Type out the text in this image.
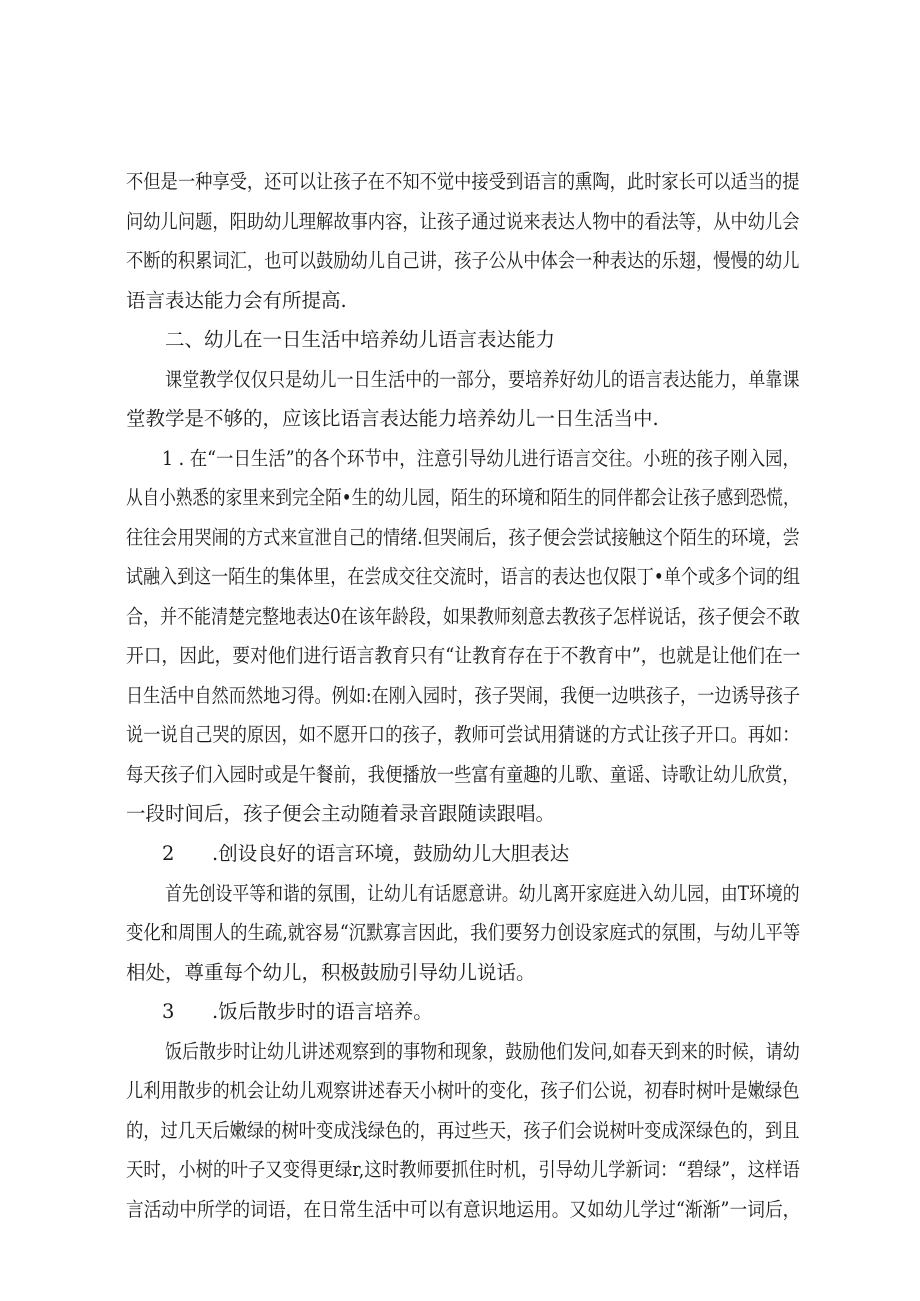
不但是一种享受，还可以让孩子在不知不觉中接受到语言的熏陶，此时家长可以适当的提
问幼儿问题，阳助幼儿理解故事内容，让孩子通过说来表达人物中的看法等，从中幼儿会
不断的积累词汇，也可以鼓励幼儿自己讲，孩子公从中体会一种表达的乐翅，慢慢的幼儿
语言表达能力会有所提高.
二、幼儿在一日生活中培养幼儿语言表达能力
课堂教学仅仅只是幼儿一日生活中的一部分，要培养好幼儿的语言表达能力，单靠课
堂教学是不够的，应该比语言表达能力培养幼儿一日生活当中.
1 . 在“一日生活”的各个环节中，注意引导幼儿进行语言交往。小班的孩子刚入园，
从自小熟悉的家里来到完全陌•生的幼儿园，陌生的环境和陌生的同伴都会让孩子感到恐慌，
往往会用哭闹的方式来宣泄自己的情绪.但哭闹后，孩子便会尝试接触这个陌生的环境，尝
试融入到这一陌生的集体里，在尝成交往交流时，语言的表达也仅限丁•单个或多个词的组
合，并不能清楚完整地表达0在该年龄段，如果教师刻意去教孩子怎样说话，孩子便会不敢
开口，因此，要对他们进行语言教育只有“让教育存在于不教育中”，也就是让他们在一
日生活中自然而然地习得。例如:在刚入园时，孩子哭闹，我便一边哄孩子，一边诱导孩子
说一说自己哭的原因，如不愿开口的孩子，教师可尝试用猜谜的方式让孩子开口。再如：
每天孩子们入园时或是午餐前，我便播放一些富有童趣的儿歌、童谣、诗歌让幼儿欣赏，
一段时间后，孩子便会主动随着录音跟随读跟唱。
2 .创设良好的语言环境，鼓励幼儿大胆表达
首先创设平等和谐的氛围，让幼儿有话愿意讲。幼儿离开家庭进入幼儿园，由T环境的
变化和周围人的生疏,就容易“沉默寡言因此，我们要努力创设家庭式的氛围，与幼儿平等
相处，尊重每个幼儿，积极鼓励引导幼儿说话。
3 .饭后散步时的语言培养。
饭后散步时让幼儿讲述观察到的事物和现象，鼓励他们发问,如春天到来的时候，请幼
儿利用散步的机会让幼儿观察讲述春天小树叶的变化，孩子们公说，初春时树叶是嫩绿色
的，过几天后嫩绿的树叶变成浅绿色的，再过些天，孩子们会说树叶变成深绿色的，到且
天时，小树的叶子又变得更绿r,这时教师要抓住时机，引导幼儿学新词：“碧绿”，这样语
言活动中所学的词语，在日常生活中可以有意识地运用。又如幼儿学过“渐渐”一词后，
